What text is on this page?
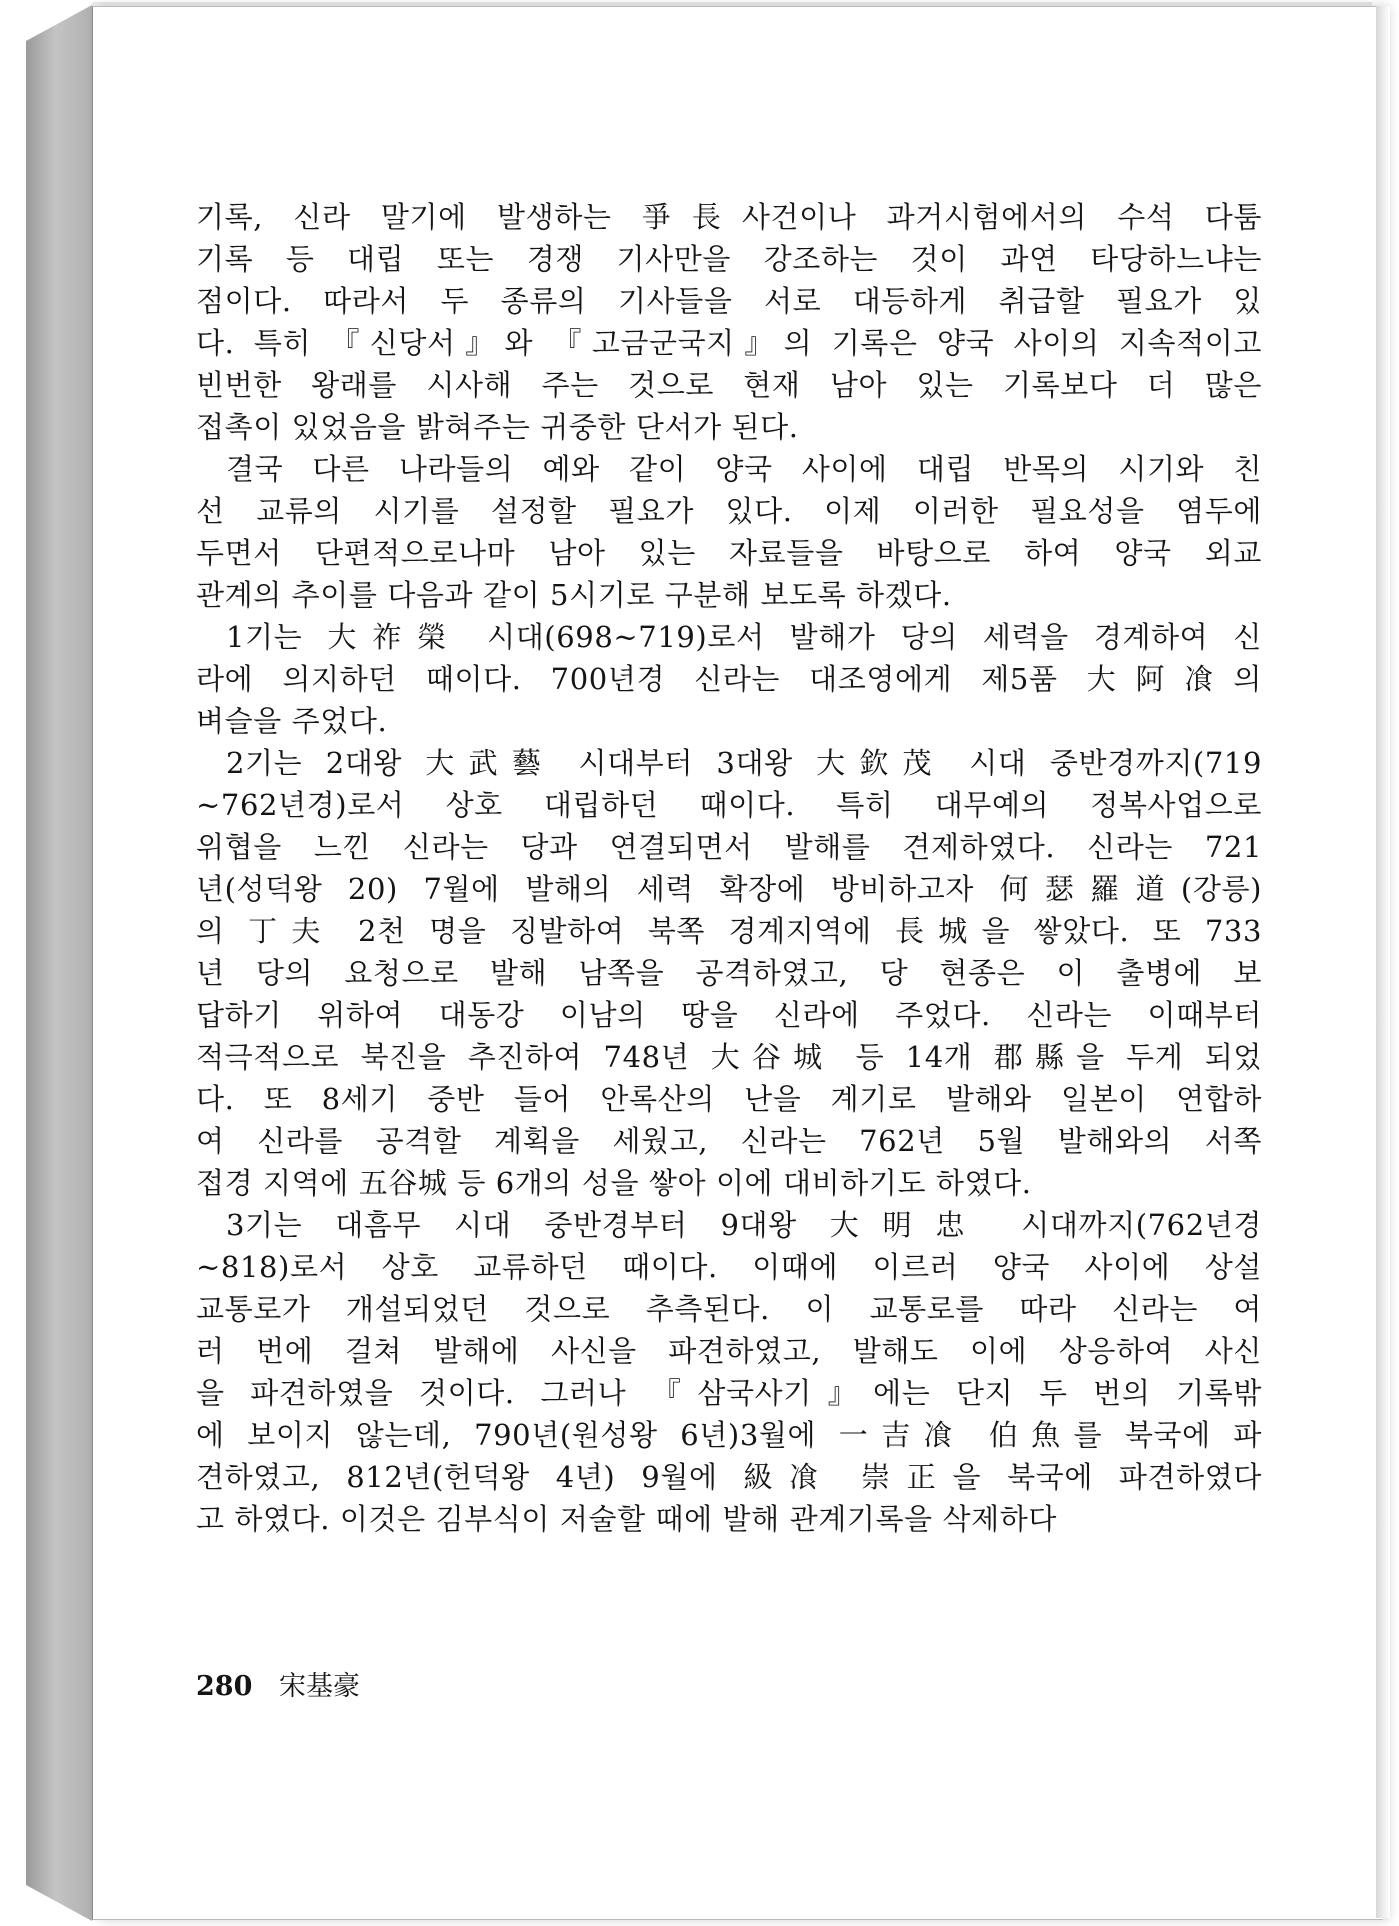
기록, 신라 말기에 발생하는 爭長사건이나 과거시험에서의 수석 다툼
기록 등 대립 또는 경쟁 기사만을 강조하는 것이 과연 타당하느냐는
점이다. 따라서 두 종류의 기사들을 서로 대등하게 취급할 필요가 있
다. 특히 『신당서』와 『고금군국지』의 기록은 양국 사이의 지속적이고
빈번한 왕래를 시사해 주는 것으로 현재 남아 있는 기록보다 더 많은
접촉이 있었음을 밝혀주는 귀중한 단서가 된다.
결국 다른 나라들의 예와 같이 양국 사이에 대립 반목의 시기와 친
선 교류의 시기를 설정할 필요가 있다. 이제 이러한 필요성을 염두에
두면서 단편적으로나마 남아 있는 자료들을 바탕으로 하여 양국 외교
관계의 추이를 다음과 같이 5시기로 구분해 보도록 하겠다.
1기는 大祚榮 시대(698~719)로서 발해가 당의 세력을 경계하여 신
라에 의지하던 때이다. 700년경 신라는 대조영에게 제5품 大阿飡의
벼슬을 주었다.
2기는 2대왕 大武藝 시대부터 3대왕 大欽茂 시대 중반경까지(719
~762년경)로서 상호 대립하던 때이다. 특히 대무예의 정복사업으로
위협을 느낀 신라는 당과 연결되면서 발해를 견제하였다. 신라는 721
년(성덕왕 20) 7월에 발해의 세력 확장에 방비하고자 何瑟羅道(강릉)
의 丁夫 2천 명을 징발하여 북쪽 경계지역에 長城을 쌓았다. 또 733
년 당의 요청으로 발해 남쪽을 공격하였고, 당 현종은 이 출병에 보
답하기 위하여 대동강 이남의 땅을 신라에 주었다. 신라는 이때부터
적극적으로 북진을 추진하여 748년 大谷城 등 14개 郡縣을 두게 되었
다. 또 8세기 중반 들어 안록산의 난을 계기로 발해와 일본이 연합하
여 신라를 공격할 계획을 세웠고, 신라는 762년 5월 발해와의 서쪽
접경 지역에 五谷城 등 6개의 성을 쌓아 이에 대비하기도 하였다.
3기는 대흠무 시대 중반경부터 9대왕 大明忠 시대까지(762년경
~818)로서 상호 교류하던 때이다. 이때에 이르러 양국 사이에 상설
교통로가 개설되었던 것으로 추측된다. 이 교통로를 따라 신라는 여
러 번에 걸쳐 발해에 사신을 파견하였고, 발해도 이에 상응하여 사신
을 파견하였을 것이다. 그러나 『삼국사기』에는 단지 두 번의 기록밖
에 보이지 않는데, 790년(원성왕 6년)3월에 一吉飡 伯魚를 북국에 파
견하였고, 812년(헌덕왕 4년) 9월에 級飡 崇正을 북국에 파견하였다
고 하였다. 이것은 김부식이 저술할 때에 발해 관계기록을 삭제하다
280 宋基豪
